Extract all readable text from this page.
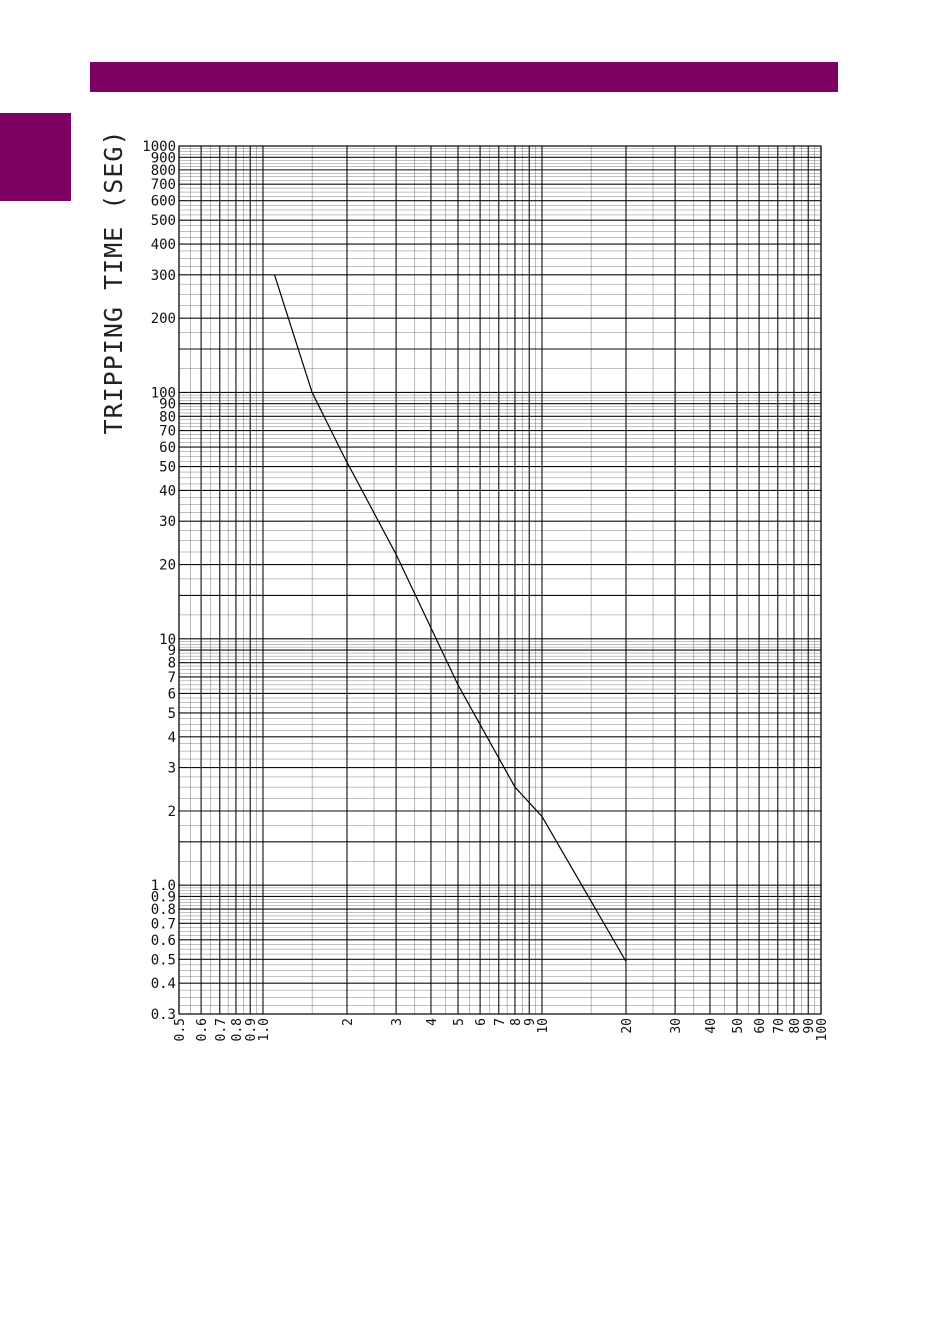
0.5 0.6 0.7 0.8 0.9
1.0	2	3 4 5 6 7 8 9
10	20	30 40 50 60 70 80 90
100
1000
900
800
700
600
500
400
300
200
100
90
80
70
60
50
40
30
20
10
9
8
7
6
5
4
3
2
1.0
0.9
0.8
0.7
0.6
0.5
0.4
0.3
TRIPPING TIME (SEG)
